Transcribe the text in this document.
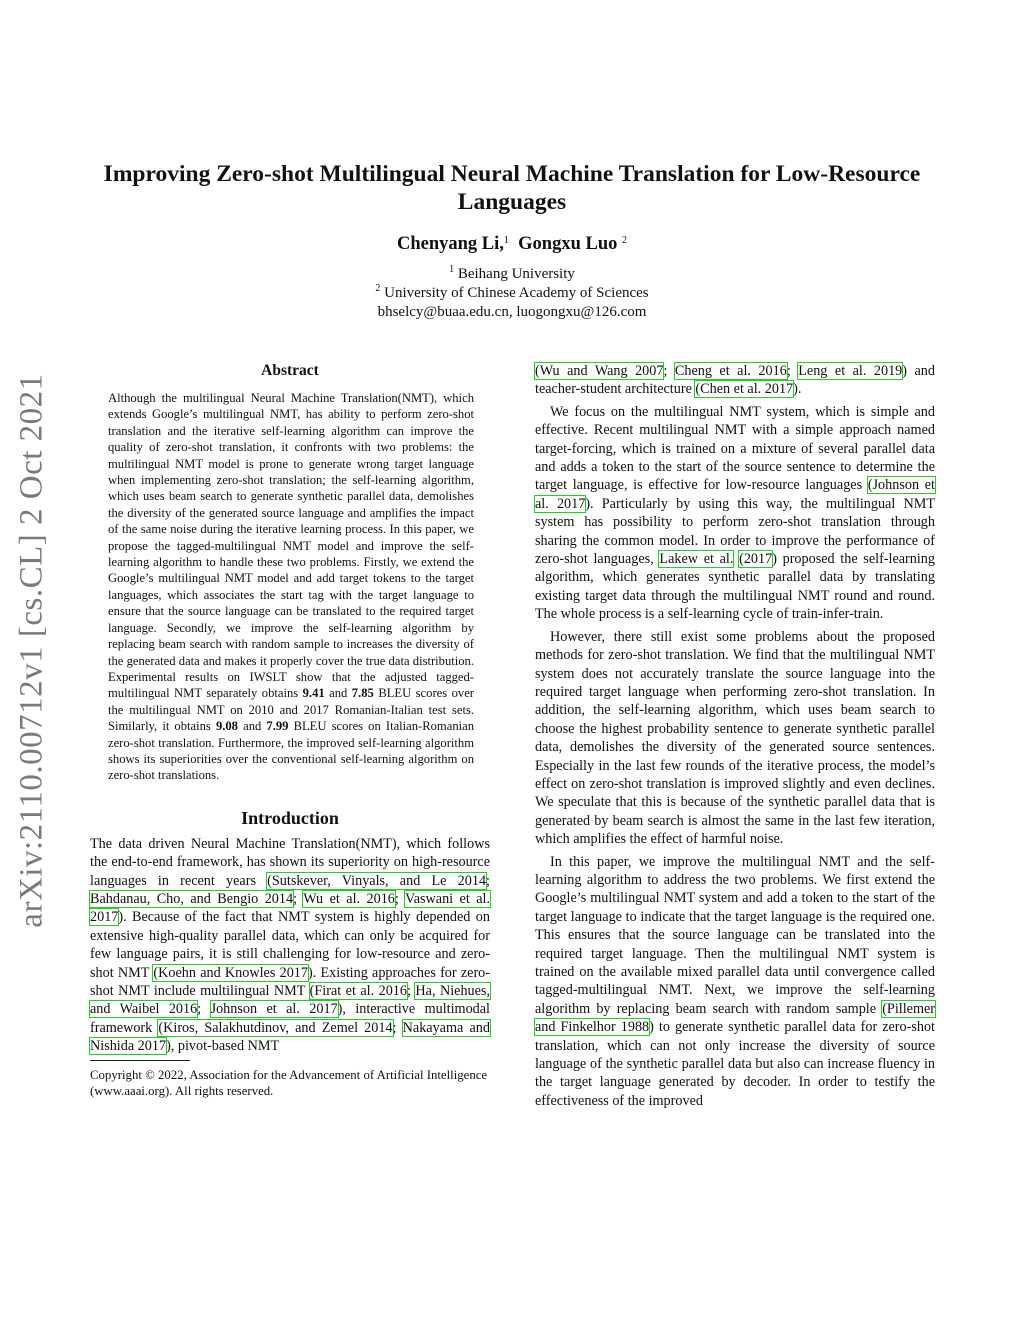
arXiv:2110.00712v1 [cs.CL] 2 Oct 2021
Improving Zero-shot Multilingual Neural Machine Translation for Low-Resource Languages
Chenyang Li,$^1$ Gongxu Luo $^2$
$^1$ Beihang University
$^2$ University of Chinese Academy of Sciences
bhselcy@buaa.edu.cn, luogongxu@126.com
Abstract
Although the multilingual Neural Machine Translation(NMT), which extends Google’s multilingual NMT, has ability to perform zero-shot translation and the iterative self-learning algorithm can improve the quality of zero-shot translation, it confronts with two problems: the multilingual NMT model is prone to generate wrong target language when implementing zero-shot translation; the self-learning algorithm, which uses beam search to generate synthetic parallel data, demolishes the diversity of the generated source language and amplifies the impact of the same noise during the iterative learning process. In this paper, we propose the tagged-multilingual NMT model and improve the self-learning algorithm to handle these two problems. Firstly, we extend the Google’s multilingual NMT model and add target tokens to the target languages, which associates the start tag with the target language to ensure that the source language can be translated to the required target language. Secondly, we improve the self-learning algorithm by replacing beam search with random sample to increases the diversity of the generated data and makes it properly cover the true data distribution. Experimental results on IWSLT show that the adjusted tagged-multilingual NMT separately obtains 9.41 and 7.85 BLEU scores over the multilingual NMT on 2010 and 2017 Romanian-Italian test sets. Similarly, it obtains 9.08 and 7.99 BLEU scores on Italian-Romanian zero-shot translation. Furthermore, the improved self-learning algorithm shows its superiorities over the conventional self-learning algorithm on zero-shot translations.
Introduction

The data driven Neural Machine Translation(NMT), which follows the end-to-end framework, has shown its superiority on high-resource languages in recent years (Sutskever, Vinyals, and Le 2014; Bahdanau, Cho, and Bengio 2014; Wu et al. 2016; Vaswani et al. 2017). Because of the fact that NMT system is highly depended on extensive high-quality parallel data, which can only be acquired for few language pairs, it is still challenging for low-resource and zero-shot NMT (Koehn and Knowles 2017). Existing approaches for zero-shot NMT include multilingual NMT (Firat et al. 2016; Ha, Niehues, and Waibel 2016; Johnson et al. 2017), interactive multimodal framework (Kiros, Salakhutdinov, and Zemel 2014; Nakayama and Nishida 2017), pivot-based NMT

Copyright © 2022, Association for the Advancement of Artificial Intelligence (www.aaai.org). All rights reserved.

(Wu and Wang 2007; Cheng et al. 2016; Leng et al. 2019) and teacher-student architecture (Chen et al. 2017).

We focus on the multilingual NMT system, which is simple and effective. Recent multilingual NMT with a simple approach named target-forcing, which is trained on a mixture of several parallel data and adds a token to the start of the source sentence to determine the target language, is effective for low-resource languages (Johnson et al. 2017). Particularly by using this way, the multilingual NMT system has possibility to perform zero-shot translation through sharing the common model. In order to improve the performance of zero-shot languages, Lakew et al. (2017) proposed the self-learning algorithm, which generates synthetic parallel data by translating existing target data through the multilingual NMT round and round. The whole process is a self-learning cycle of train-infer-train.

However, there still exist some problems about the proposed methods for zero-shot translation. We find that the multilingual NMT system does not accurately translate the source language into the required target language when performing zero-shot translation. In addition, the self-learning algorithm, which uses beam search to choose the highest probability sentence to generate synthetic parallel data, demolishes the diversity of the generated source sentences. Especially in the last few rounds of the iterative process, the model’s effect on zero-shot translation is improved slightly and even declines. We speculate that this is because of the synthetic parallel data that is generated by beam search is almost the same in the last few iteration, which amplifies the effect of harmful noise.

In this paper, we improve the multilingual NMT and the self-learning algorithm to address the two problems. We first extend the Google’s multilingual NMT system and add a token to the start of the target language to indicate that the target language is the required one. This ensures that the source language can be translated into the required target language. Then the multilingual NMT system is trained on the available mixed parallel data until convergence called tagged-multilingual NMT. Next, we improve the self-learning algorithm by replacing beam search with random sample (Pillemer and Finkelhor 1988) to generate synthetic parallel data for zero-shot translation, which can not only increase the diversity of source language of the synthetic parallel data but also can increase fluency in the target language generated by decoder. In order to testify the effectiveness of the improved
